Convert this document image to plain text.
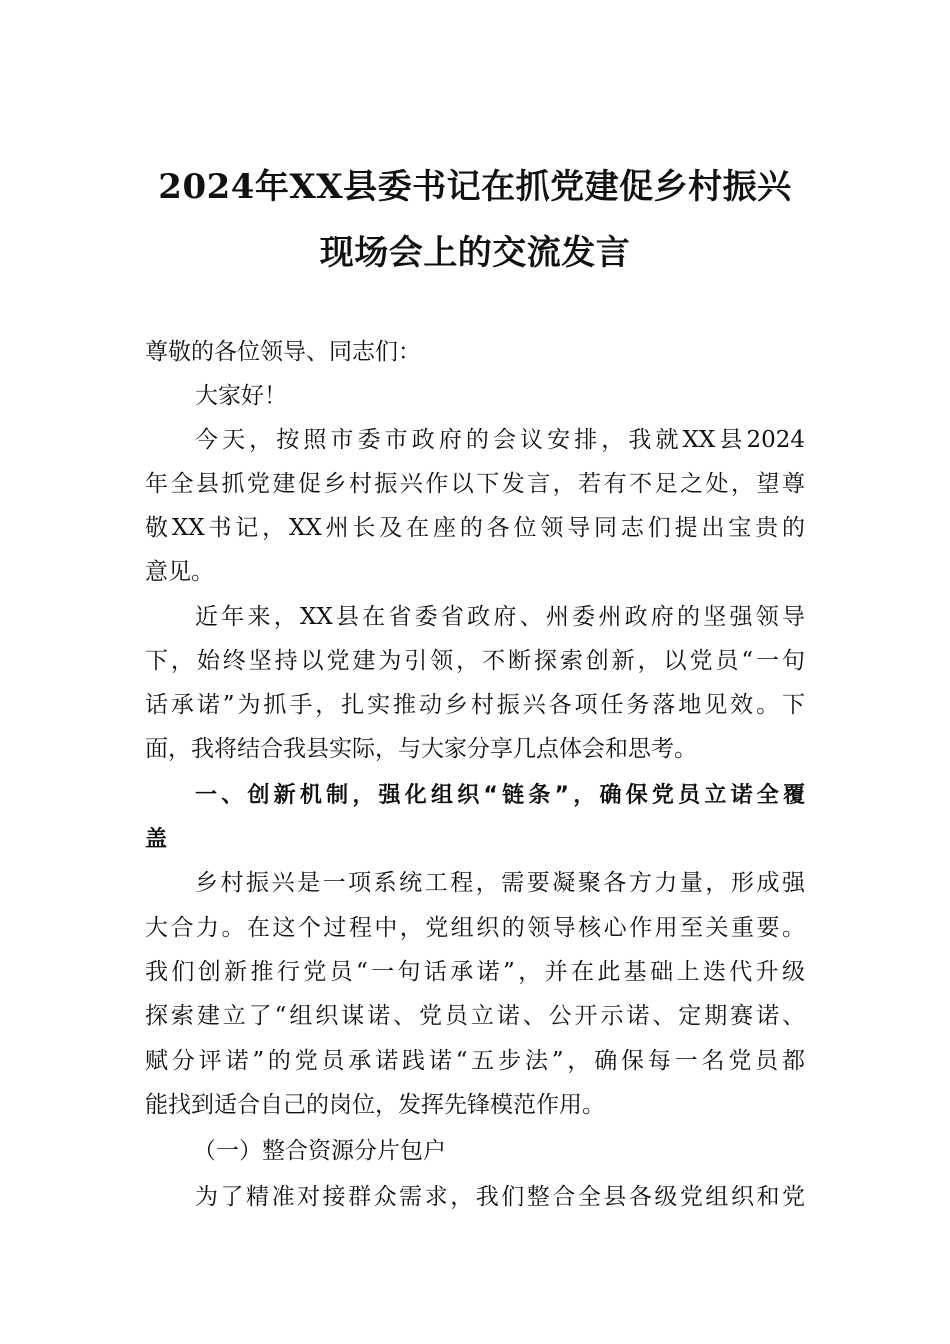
2024年XX县委书记在抓党建促乡村振兴
现场会上的交流发言
尊敬的各位领导、同志们：
大家好！
今天，按照市委市政府的会议安排，我就XX县2024
年全县抓党建促乡村振兴作以下发言，若有不足之处，望尊
敬XX书记，XX州长及在座的各位领导同志们提出宝贵的
意见。
近年来，XX县在省委省政府、州委州政府的坚强领导
下，始终坚持以党建为引领，不断探索创新，以党员“一句
话承诺”为抓手，扎实推动乡村振兴各项任务落地见效。下
面，我将结合我县实际，与大家分享几点体会和思考。
一、创新机制，强化组织“链条”，确保党员立诺全覆
盖
乡村振兴是一项系统工程，需要凝聚各方力量，形成强
大合力。在这个过程中，党组织的领导核心作用至关重要。
我们创新推行党员“一句话承诺”，并在此基础上迭代升级
探索建立了“组织谋诺、党员立诺、公开示诺、定期赛诺、
赋分评诺”的党员承诺践诺“五步法”，确保每一名党员都
能找到适合自己的岗位，发挥先锋模范作用。
（一）整合资源分片包户
为了精准对接群众需求，我们整合全县各级党组织和党
